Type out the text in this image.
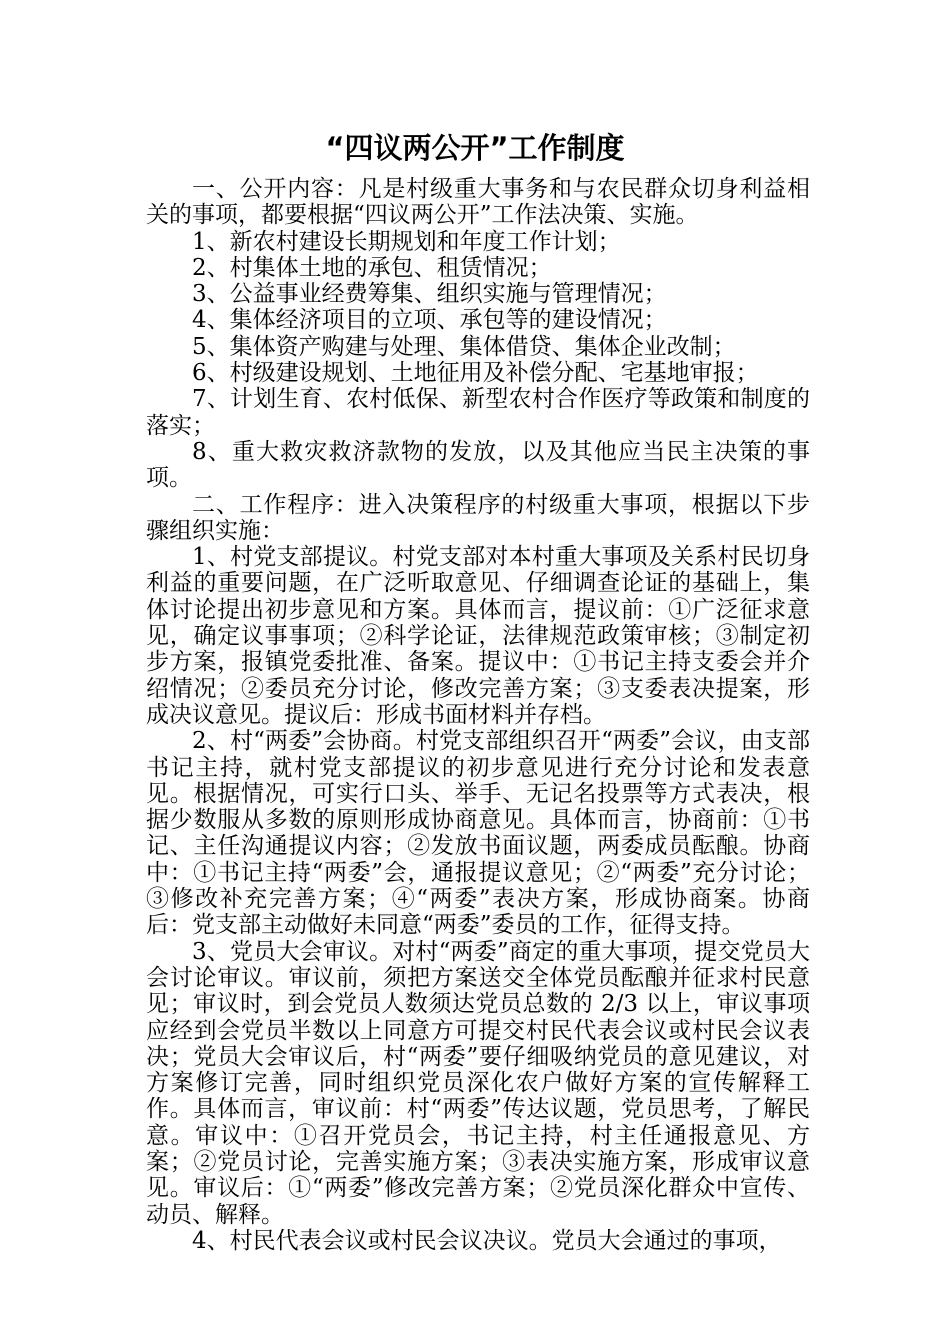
“四议两公开”工作制度

一、公开内容：凡是村级重大事务和与农民群众切身利益相关的事项，都要根据“四议两公开”工作法决策、实施。

1、新农村建设长期规划和年度工作计划；

2、村集体土地的承包、租赁情况；

3、公益事业经费筹集、组织实施与管理情况；

4、集体经济项目的立项、承包等的建设情况；

5、集体资产购建与处理、集体借贷、集体企业改制；

6、村级建设规划、土地征用及补偿分配、宅基地审报；

7、计划生育、农村低保、新型农村合作医疗等政策和制度的落实；

8、重大救灾救济款物的发放，以及其他应当民主决策的事项。

二、工作程序：进入决策程序的村级重大事项，根据以下步骤组织实施：

1、村党支部提议。村党支部对本村重大事项及关系村民切身利益的重要问题，在广泛听取意见、仔细调查论证的基础上，集体讨论提出初步意见和方案。具体而言，提议前：①广泛征求意见，确定议事事项；②科学论证，法律规范政策审核；③制定初步方案，报镇党委批准、备案。提议中：①书记主持支委会并介绍情况；②委员充分讨论，修改完善方案；③支委表决提案，形成决议意见。提议后：形成书面材料并存档。

2、村“两委”会协商。村党支部组织召开“两委”会议，由支部书记主持，就村党支部提议的初步意见进行充分讨论和发表意见。根据情况，可实行口头、举手、无记名投票等方式表决，根据少数服从多数的原则形成协商意见。具体而言，协商前：①书记、主任沟通提议内容；②发放书面议题，两委成员酝酿。协商中：①书记主持“两委”会，通报提议意见；②“两委”充分讨论；③修改补充完善方案；④“两委”表决方案，形成协商案。协商后：党支部主动做好未同意“两委”委员的工作，征得支持。

3、党员大会审议。对村“两委”商定的重大事项，提交党员大会讨论审议。审议前，须把方案送交全体党员酝酿并征求村民意见；审议时，到会党员人数须达党员总数的 2/3 以上，审议事项应经到会党员半数以上同意方可提交村民代表会议或村民会议表决；党员大会审议后，村“两委”要仔细吸纳党员的意见建议，对方案修订完善，同时组织党员深化农户做好方案的宣传解释工作。具体而言，审议前：村“两委”传达议题，党员思考，了解民意。审议中：①召开党员会，书记主持，村主任通报意见、方案；②党员讨论，完善实施方案；③表决实施方案，形成审议意见。审议后：①“两委”修改完善方案；②党员深化群众中宣传、动员、解释。

4、村民代表会议或村民会议决议。党员大会通过的事项，
